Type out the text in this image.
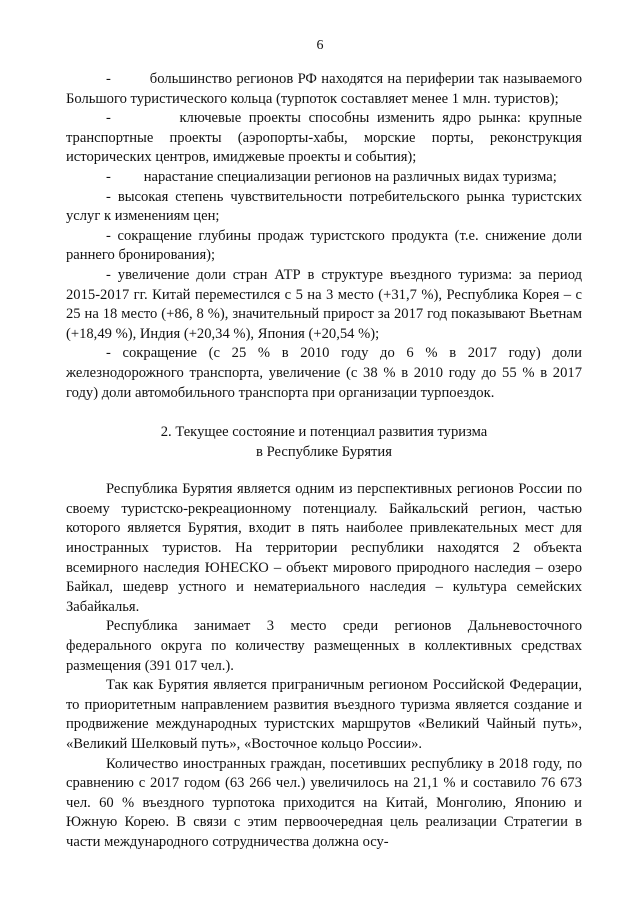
6

-         большинство регионов РФ находятся на периферии так называемого Большого туристического кольца (турпоток составляет менее 1 млн. туристов);

-         ключевые проекты способны изменить ядро рынка: крупные транспортные проекты (аэропорты-хабы, морские порты, реконструкция исторических центров, имиджевые проекты и события);

-         нарастание специализации регионов на различных видах туризма;

- высокая степень чувствительности потребительского рынка туристских услуг к изменениям цен;

- сокращение глубины продаж туристского продукта (т.е. снижение доли раннего бронирования);

- увеличение доли стран АТР в структуре въездного туризма: за период 2015-2017 гг. Китай переместился с 5 на 3 место (+31,7 %), Республика Корея – с 25 на 18 место (+86, 8 %), значительный прирост за 2017 год показывают Вьетнам (+18,49 %), Индия (+20,34 %), Япония (+20,54 %);

- сокращение (с 25 % в 2010 году до 6 % в 2017 году) доли железнодорожного транспорта, увеличение (с 38 % в 2010 году до 55 % в 2017 году) доли автомобильного транспорта при организации турпоездок.

2. Текущее состояние и потенциал развития туризма
в Республике Бурятия

Республика Бурятия является одним из перспективных регионов России по своему туристско-рекреационному потенциалу. Байкальский регион, частью которого является Бурятия, входит в пять наиболее привлекательных мест для иностранных туристов. На территории республики находятся 2 объекта всемирного наследия ЮНЕСКО – объект мирового природного наследия – озеро Байкал, шедевр устного и нематериального наследия – культура семейских Забайкалья.

Республика занимает 3 место среди регионов Дальневосточного федерального округа по количеству размещенных в коллективных средствах размещения (391 017 чел.).

Так как Бурятия является приграничным регионом Российской Федерации, то приоритетным направлением развития въездного туризма является создание и продвижение международных туристских маршрутов «Великий Чайный путь», «Великий Шелковый путь», «Восточное кольцо России».

Количество иностранных граждан, посетивших республику в 2018 году, по сравнению с 2017 годом (63 266 чел.) увеличилось на 21,1 % и составило 76 673 чел. 60 % въездного турпотока приходится на Китай, Монголию, Японию и Южную Корею. В связи с этим первоочередная цель реализации Стратегии в части международного сотрудничества должна осу-
